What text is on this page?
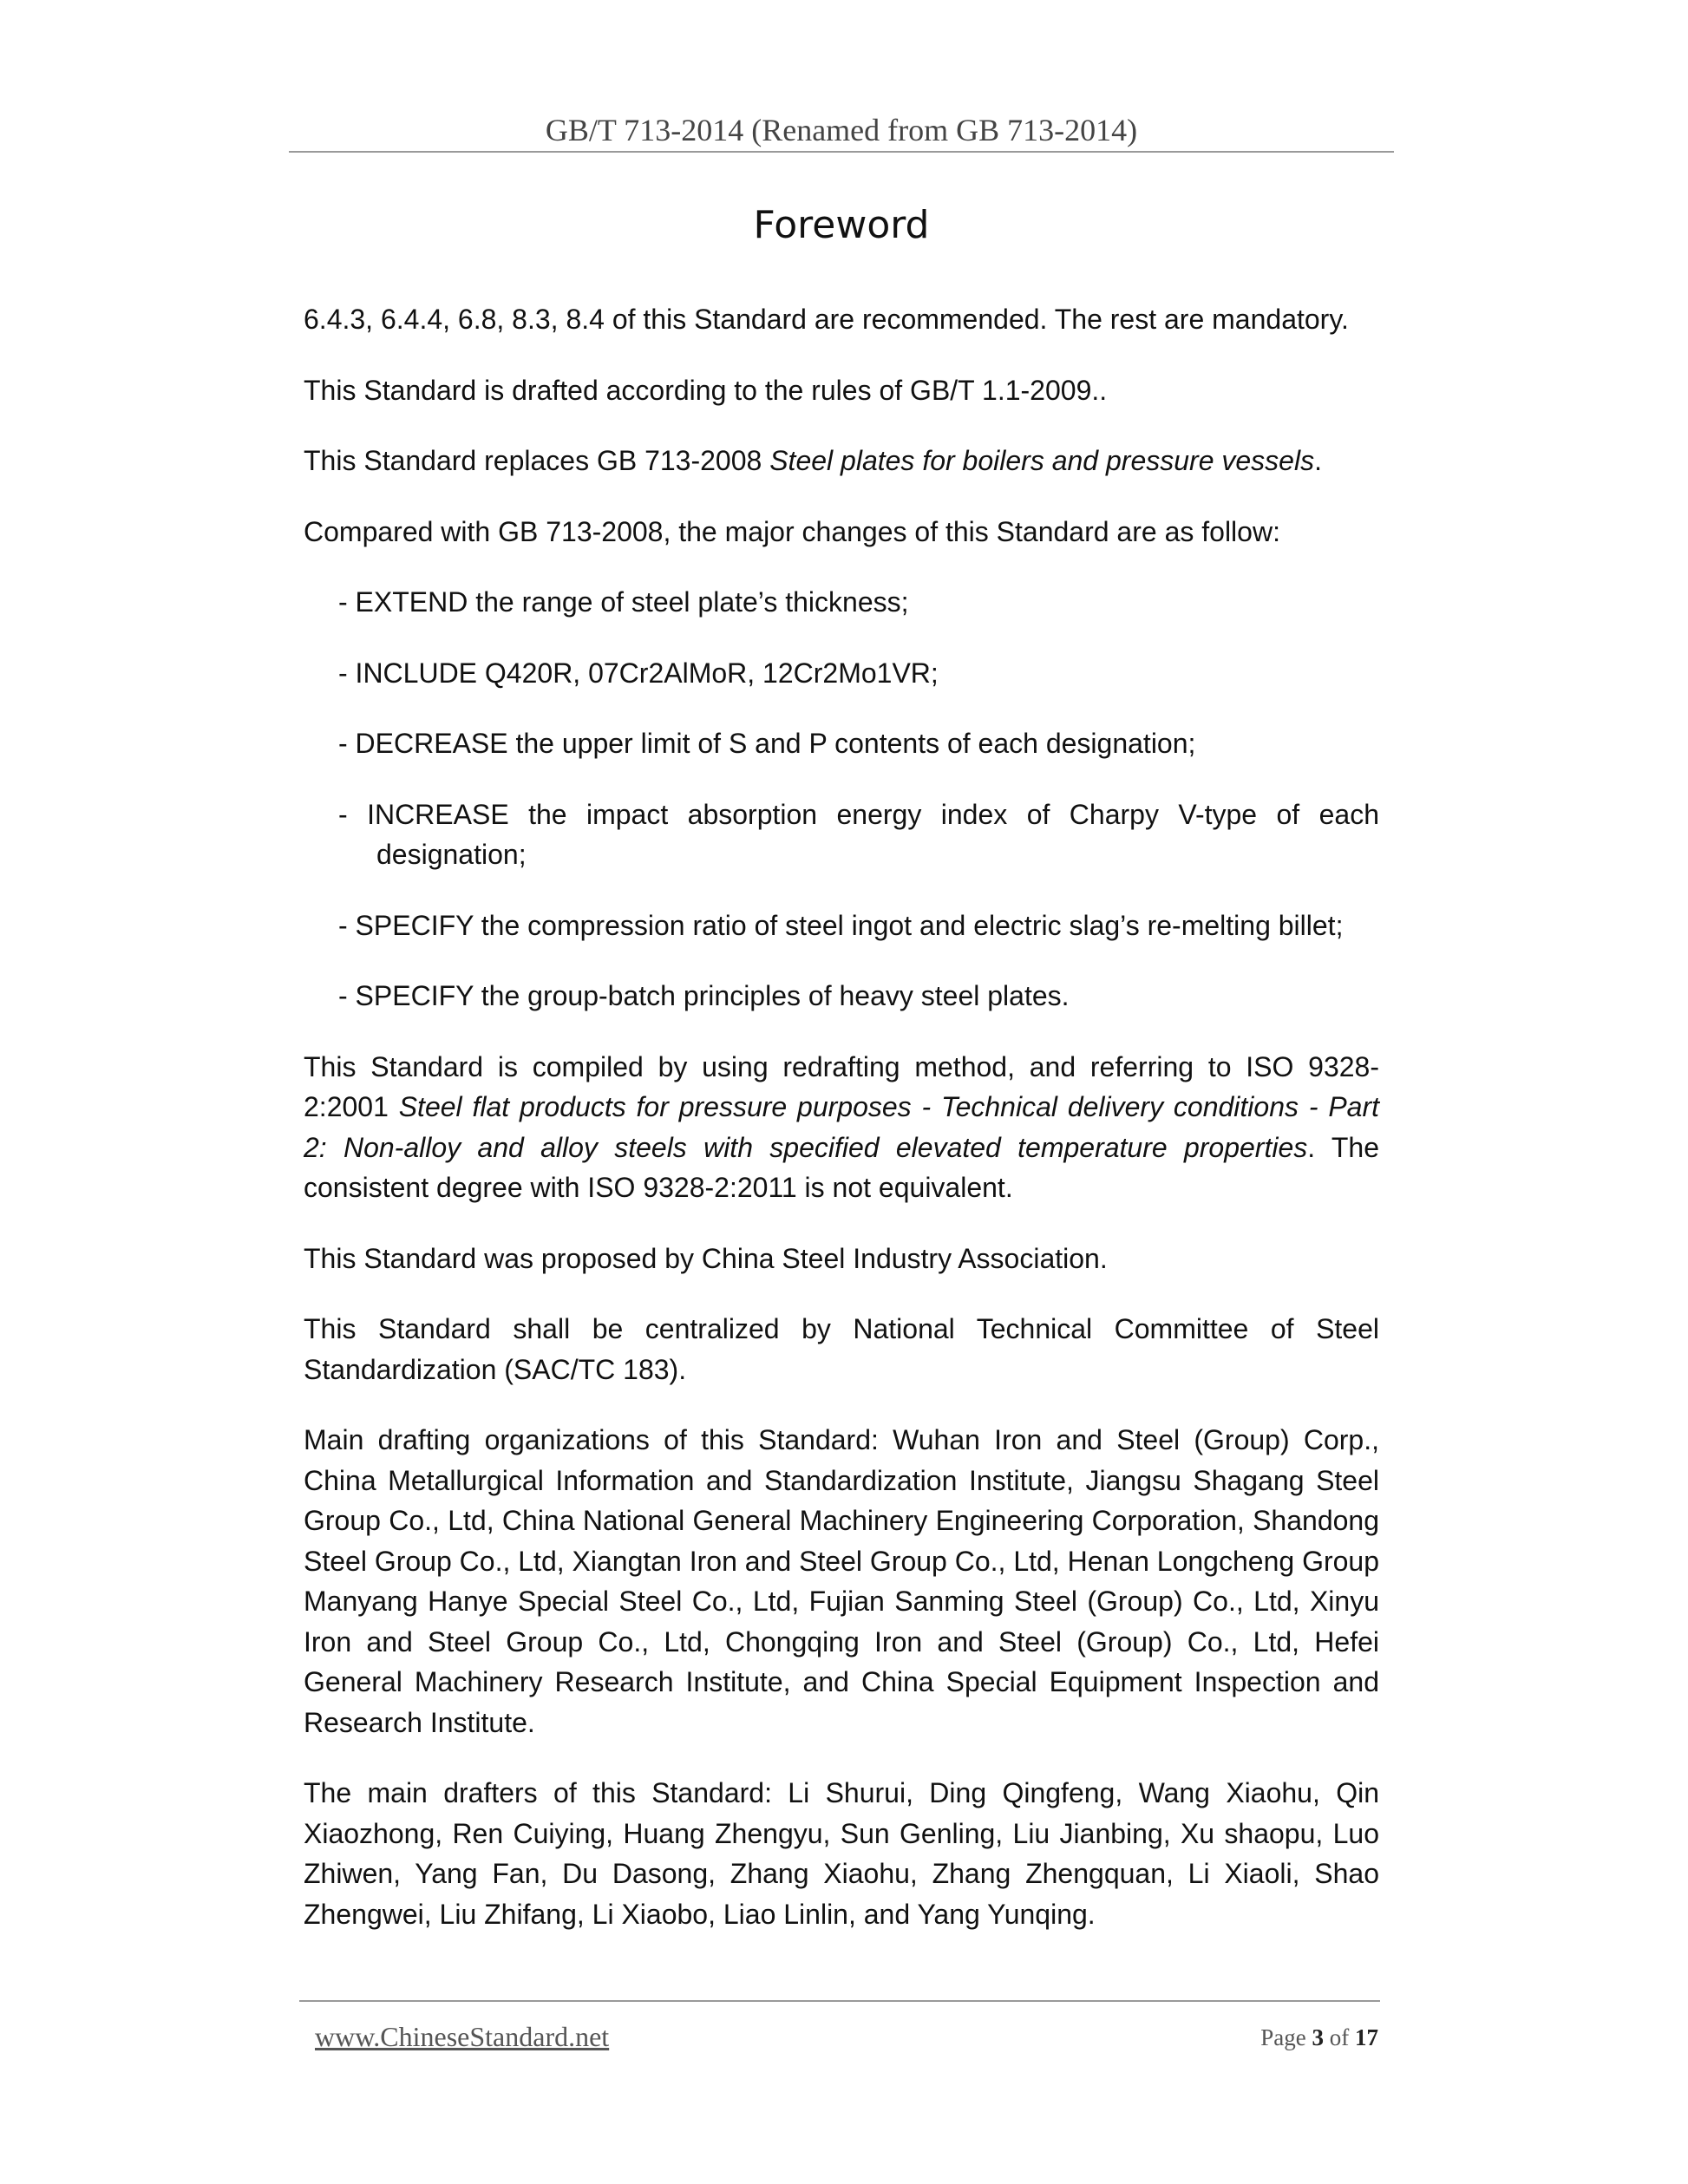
GB/T 713-2014 (Renamed from GB 713-2014)
Foreword

6.4.3, 6.4.4, 6.8, 8.3, 8.4 of this Standard are recommended. The rest are mandatory.

This Standard is drafted according to the rules of GB/T 1.1-2009..

This Standard replaces GB 713-2008 Steel plates for boilers and pressure vessels.

Compared with GB 713-2008, the major changes of this Standard are as follow:

- EXTEND the range of steel plate’s thickness;

- INCLUDE Q420R, 07Cr2AlMoR, 12Cr2Mo1VR;

- DECREASE the upper limit of S and P contents of each designation;

- INCREASE the impact absorption energy index of Charpy V-type of each designation;

- SPECIFY the compression ratio of steel ingot and electric slag’s re-melting billet;

- SPECIFY the group-batch principles of heavy steel plates.

This Standard is compiled by using redrafting method, and referring to ISO 9328-2:2001 Steel flat products for pressure purposes - Technical delivery conditions - Part 2: Non-alloy and alloy steels with specified elevated temperature properties. The consistent degree with ISO 9328-2:2011 is not equivalent.

This Standard was proposed by China Steel Industry Association.

This Standard shall be centralized by National Technical Committee of Steel Standardization (SAC/TC 183).

Main drafting organizations of this Standard: Wuhan Iron and Steel (Group) Corp., China Metallurgical Information and Standardization Institute, Jiangsu Shagang Steel Group Co., Ltd, China National General Machinery Engineering Corporation, Shandong Steel Group Co., Ltd, Xiangtan Iron and Steel Group Co., Ltd, Henan Longcheng Group Manyang Hanye Special Steel Co., Ltd, Fujian Sanming Steel (Group) Co., Ltd, Xinyu Iron and Steel Group Co., Ltd, Chongqing Iron and Steel (Group) Co., Ltd, Hefei General Machinery Research Institute, and China Special Equipment Inspection and Research Institute.

The main drafters of this Standard: Li Shurui, Ding Qingfeng, Wang Xiaohu, Qin Xiaozhong, Ren Cuiying, Huang Zhengyu, Sun Genling, Liu Jianbing, Xu shaopu, Luo Zhiwen, Yang Fan, Du Dasong, Zhang Xiaohu, Zhang Zhengquan, Li Xiaoli, Shao Zhengwei, Liu Zhifang, Li Xiaobo, Liao Linlin, and Yang Yunqing.

www.ChineseStandard.net	Page 3 of 17
